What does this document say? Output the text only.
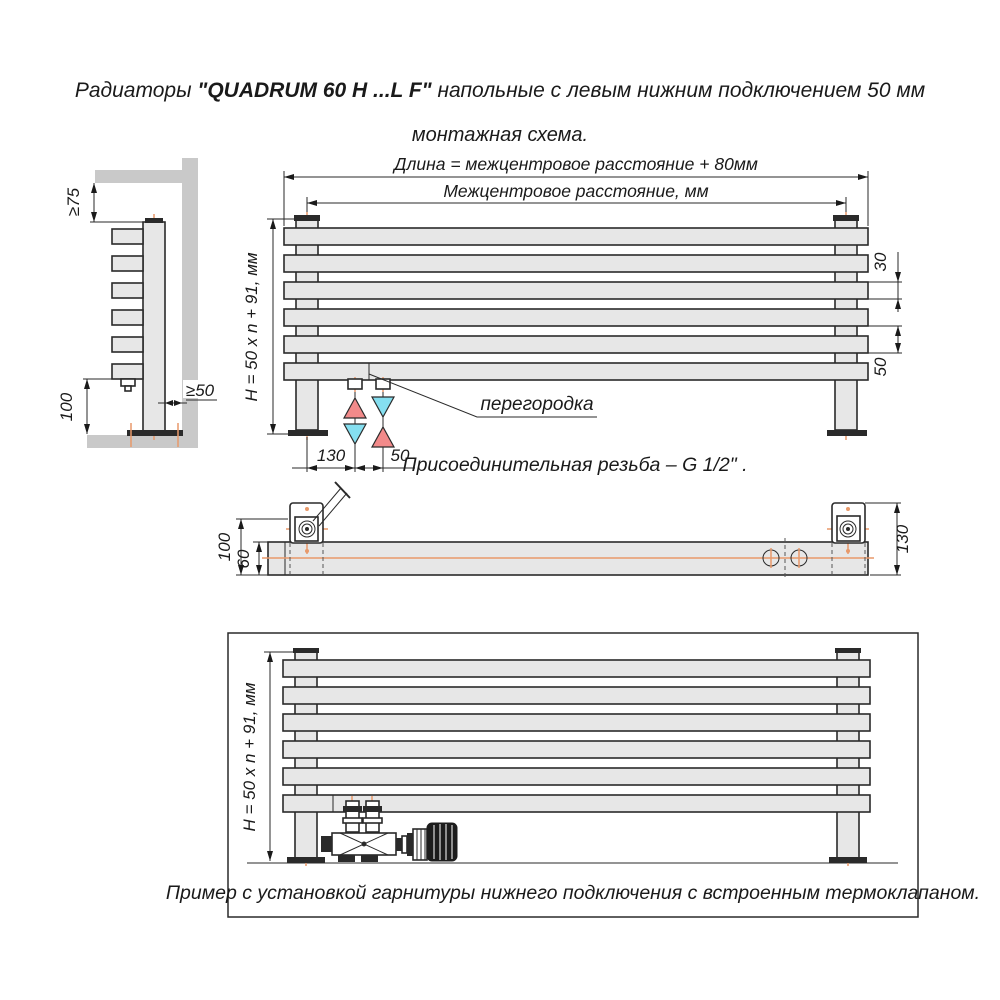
Радиаторы "QUADRUM 60 H ...L F" напольные с левым нижним подключением 50 мм
монтажная схема.
≥75
100
≥50
Длина = межцентровое расстояние + 80мм
Межцентровое расстояние, мм
H = 50 x n + 91, мм	30
50
130	50
перегородка
Присоединительная резьба – G 1/2" .
100 60
130
H = 50 x n + 91, мм
Пример с установкой гарнитуры нижнего подключения с встроенным термоклапаном.
